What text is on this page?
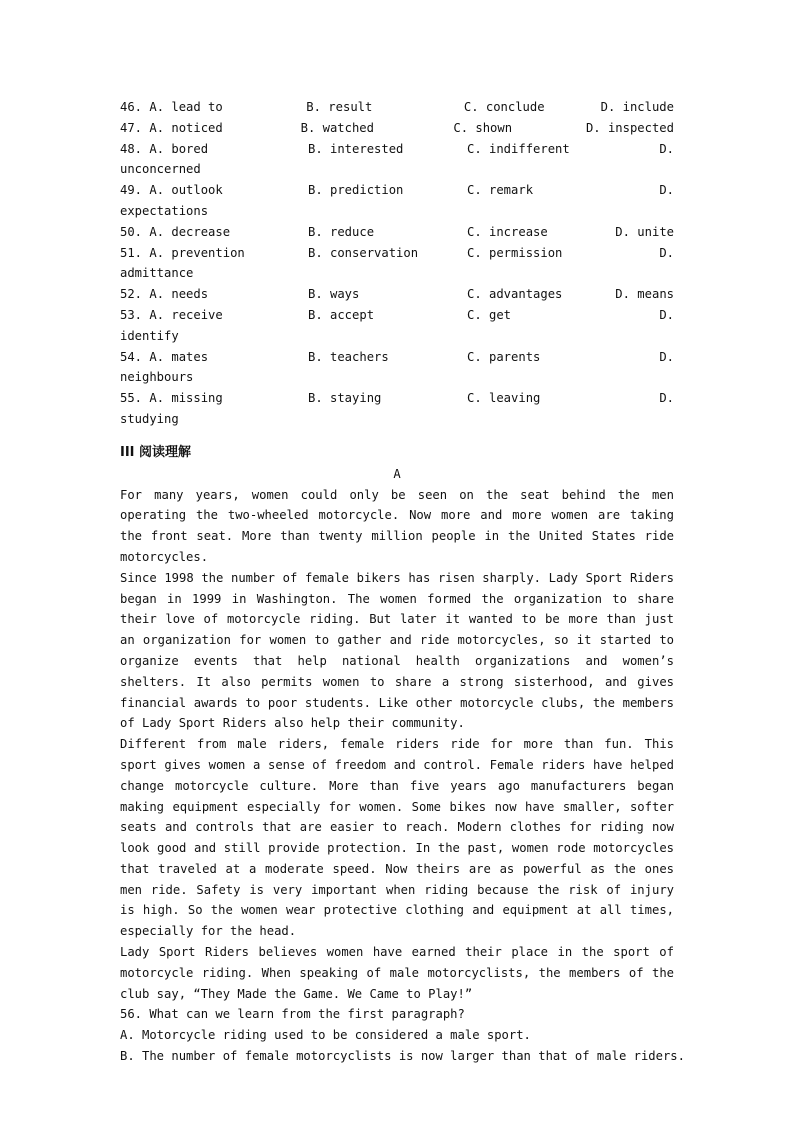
46. A. lead to	B. result	C. conclude	D. include
47. A. noticed	B. watched	C. shown	D. inspected
48. A. bored	B. interested	C. indifferent	D.
unconcerned
49. A. outlook	B. prediction	C. remark	D.
expectations
50. A. decrease	B. reduce	C. increase	D. unite
51. A. prevention	B. conservation	C. permission	D.
admittance
52. A. needs	B. ways	C. advantages	D. means
53. A. receive	B. accept	C. get	D.
identify
54. A. mates	B. teachers	C. parents	D.
neighbours
55. A. missing	B. staying	C. leaving	D.
studying
III 阅读理解
A
For many years, women could only be seen on the seat behind the men operating the two-wheeled motorcycle. Now more and more women are taking the front seat. More than twenty million people in the United States ride motorcycles.
Since 1998 the number of female bikers has risen sharply. Lady Sport Riders began in 1999 in Washington. The women formed the organization to share their love of motorcycle riding. But later it wanted to be more than just an organization for women to gather and ride motorcycles, so it started to organize events that help national health organizations and women’s shelters. It also permits women to share a strong sisterhood, and gives financial awards to poor students. Like other motorcycle clubs, the members of Lady Sport Riders also help their community.
Different from male riders, female riders ride for more than fun. This sport gives women a sense of freedom and control. Female riders have helped change motorcycle culture. More than five years ago manufacturers began making equipment especially for women. Some bikes now have smaller, softer seats and controls that are easier to reach. Modern clothes for riding now look good and still provide protection. In the past, women rode motorcycles that traveled at a moderate speed. Now theirs are as powerful as the ones men ride. Safety is very important when riding because the risk of injury is high. So the women wear protective clothing and equipment at all times, especially for the head.
Lady Sport Riders believes women have earned their place in the sport of motorcycle riding. When speaking of male motorcyclists, the members of the club say, “They Made the Game. We Came to Play!”
56. What can we learn from the first paragraph?
A. Motorcycle riding used to be considered a male sport.
B. The number of female motorcyclists is now larger than that of male riders.
